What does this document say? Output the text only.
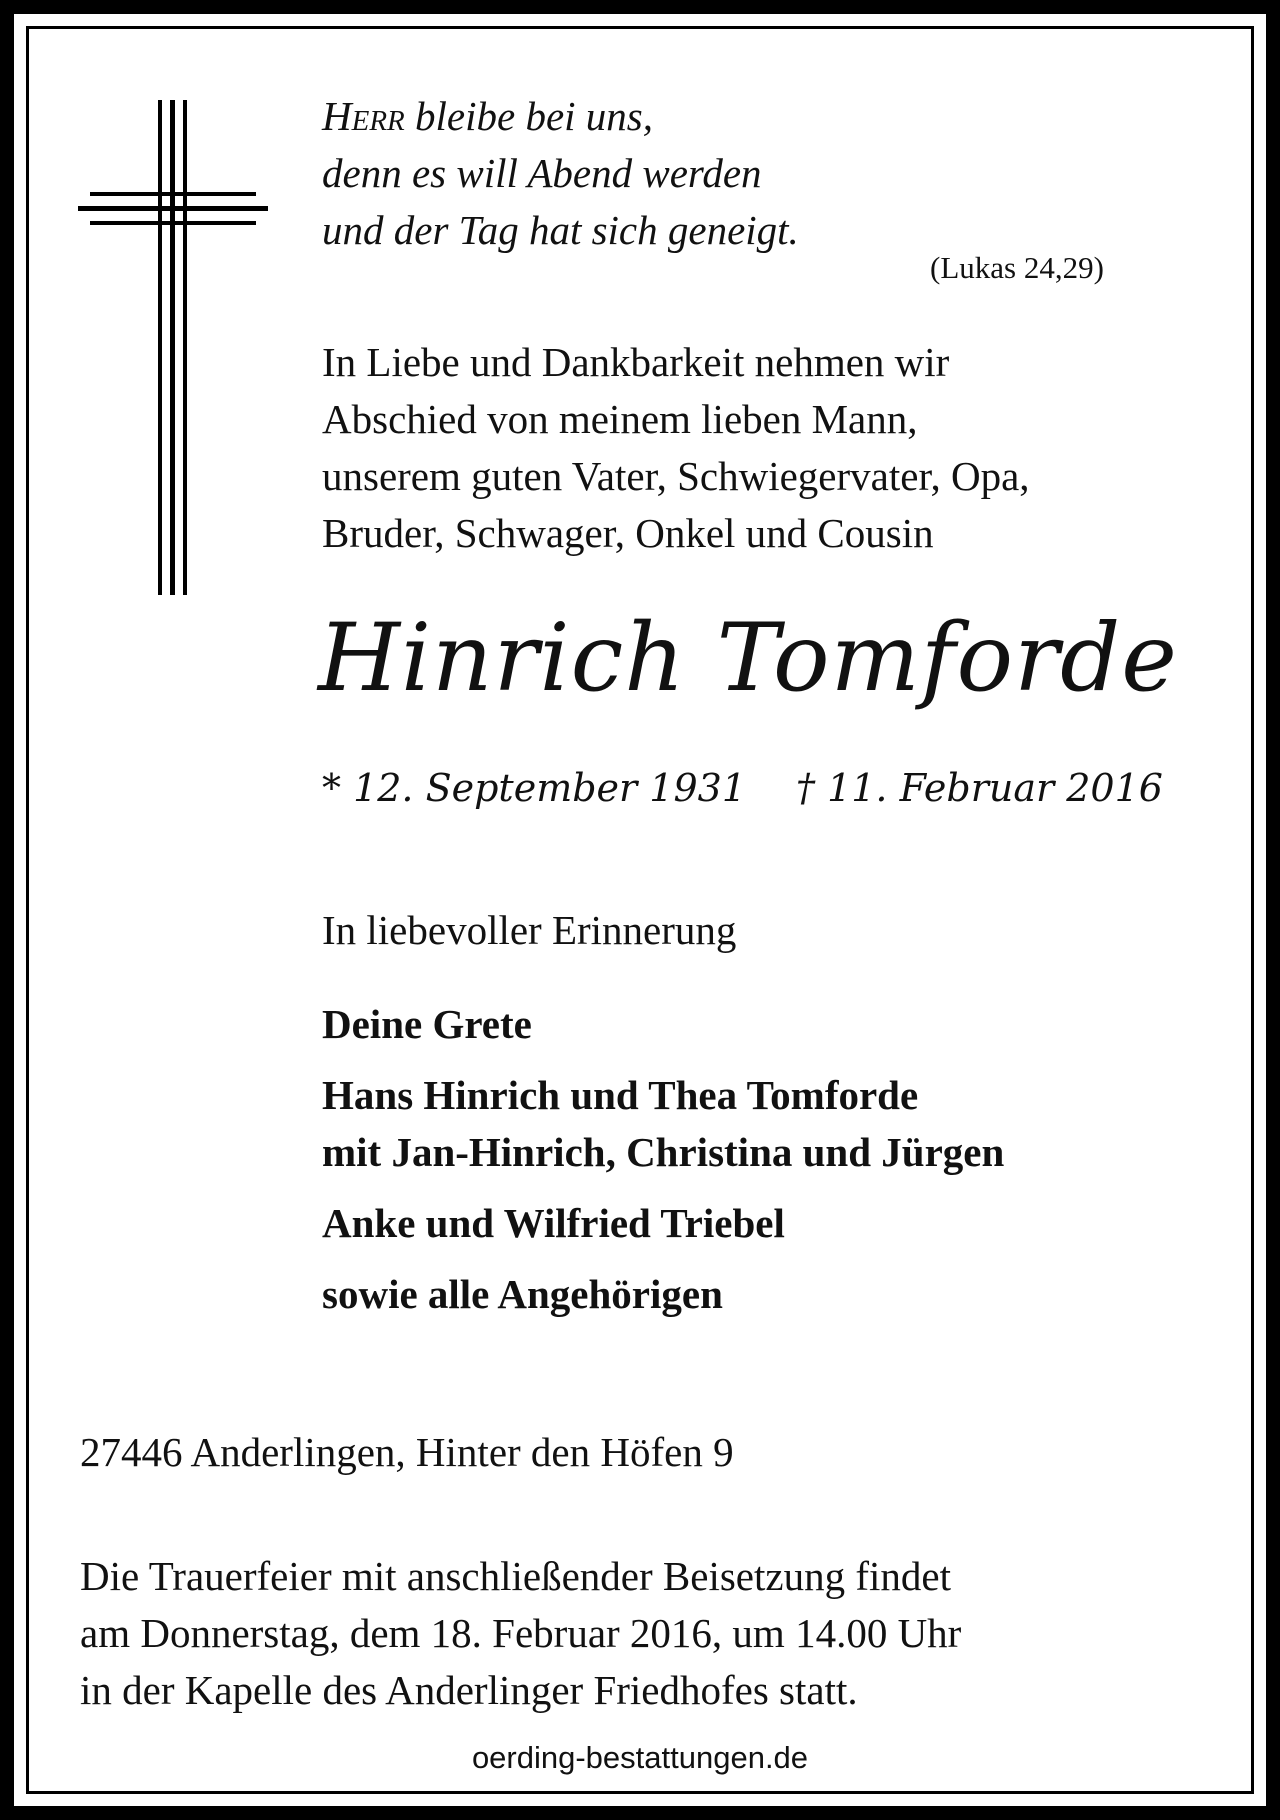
Herr bleibe bei uns,
denn es will Abend werden
und der Tag hat sich geneigt.
(Lukas 24,29)
In Liebe und Dankbarkeit nehmen wir
Abschied von meinem lieben Mann,
unserem guten Vater, Schwiegervater, Opa,
Bruder, Schwager, Onkel und Cousin
Hinrich Tomforde
* 12. September 1931 † 11. Februar 2016
In liebevoller Erinnerung
Deine Grete
Hans Hinrich und Thea Tomforde
mit Jan-Hinrich, Christina und Jürgen
Anke und Wilfried Triebel
sowie alle Angehörigen
27446 Anderlingen, Hinter den Höfen 9
Die Trauerfeier mit anschließender Beisetzung findet
am Donnerstag, dem 18. Februar 2016, um 14.00 Uhr
in der Kapelle des Anderlinger Friedhofes statt.
oerding-bestattungen.de
